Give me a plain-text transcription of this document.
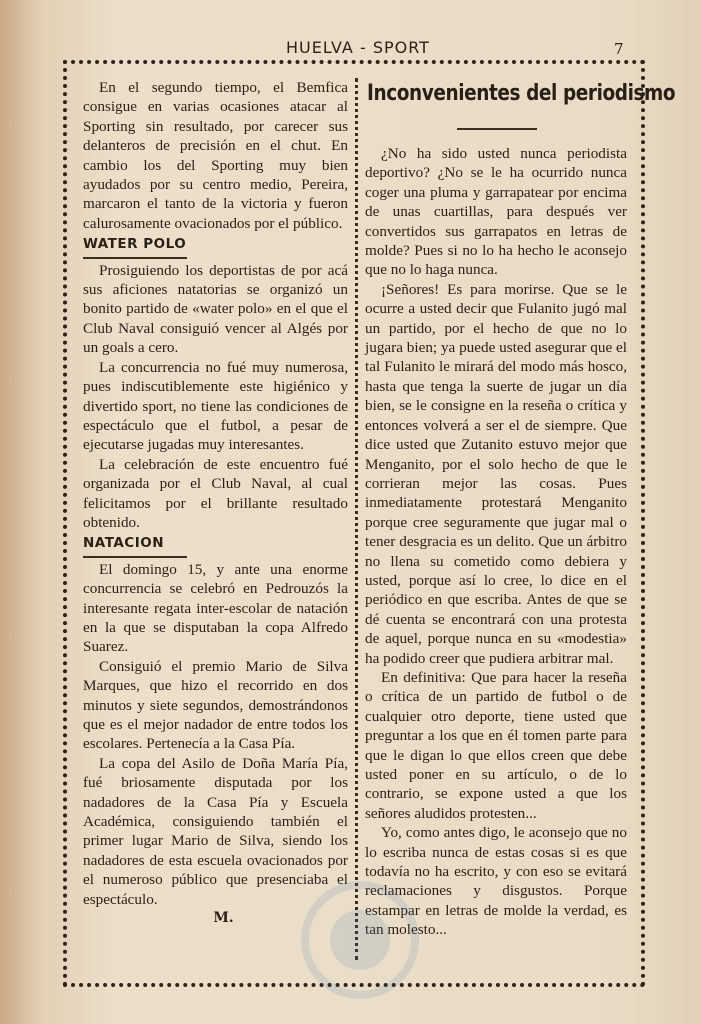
HUELVA - SPORT	7

En el segundo tiempo, el Bemfica consigue en varias ocasiones atacar al Sporting sin resultado, por carecer sus delanteros de precisión en el chut. En cambio los del Sporting muy bien ayudados por su centro medio, Pereira, marcaron el tanto de la victoria y fueron calurosamente ovacionados por el público.

WATER POLO

Prosiguiendo los deportistas de por acá sus aficiones natatorias se organizó un bonito partido de «water polo» en el que el Club Naval consiguió vencer al Algés por un goals a cero.

La concurrencia no fué muy numerosa, pues indiscutiblemente este higiénico y divertido sport, no tiene las condiciones de espectáculo que el futbol, a pesar de ejecutarse jugadas muy interesantes.

La celebración de este encuentro fué organizada por el Club Naval, al cual felicitamos por el brillante resultado obtenido.

NATACION

El domingo 15, y ante una enorme concurrencia se celebró en Pedrouzós la interesante regata inter-escolar de natación en la que se disputaban la copa Alfredo Suarez.

Consiguió el premio Mario de Silva Marques, que hizo el recorrido en dos minutos y siete segundos, demostrándonos que es el mejor nadador de entre todos los escolares. Pertenecía a la Casa Pía.

La copa del Asilo de Doña María Pía, fué briosamente disputada por los nadadores de la Casa Pía y Escuela Académica, consiguiendo también el primer lugar Mario de Silva, siendo los nadadores de esta escuela ovacionados por el numeroso público que presenciaba el espectáculo.

M.

Inconvenientes del periodismo

¿No ha sido usted nunca periodista deportivo? ¿No se le ha ocurrido nunca coger una pluma y garrapatear por encima de unas cuartillas, para después ver convertidos sus garrapatos en letras de molde? Pues si no lo ha hecho le aconsejo que no lo haga nunca.

¡Señores! Es para morirse. Que se le ocurre a usted decir que Fulanito jugó mal un partido, por el hecho de que no lo jugara bien; ya puede usted asegurar que el tal Fulanito le mirará del modo más hosco, hasta que tenga la suerte de jugar un día bien, se le consigne en la reseña o crítica y entonces volverá a ser el de siempre. Que dice usted que Zutanito estuvo mejor que Menganito, por el solo hecho de que le corrieran mejor las cosas. Pues inmediatamente protestará Menganito porque cree seguramente que jugar mal o tener desgracia es un delito. Que un árbitro no llena su cometido como debiera y usted, porque así lo cree, lo dice en el periódico en que escriba. Antes de que se dé cuenta se encontrará con una protesta de aquel, porque nunca en su «modestia» ha podido creer que pudiera arbitrar mal.

En definitiva: Que para hacer la reseña o crítica de un partido de futbol o de cualquier otro deporte, tiene usted que preguntar a los que en él tomen parte para que le digan lo que ellos creen que debe usted poner en su artículo, o de lo contrario, se expone usted a que los señores aludidos protesten...

Yo, como antes digo, le aconsejo que no lo escriba nunca de estas cosas si es que todavía no ha escrito, y con eso se evitará reclamaciones y disgustos. Porque estampar en letras de molde la verdad, es tan molesto...
